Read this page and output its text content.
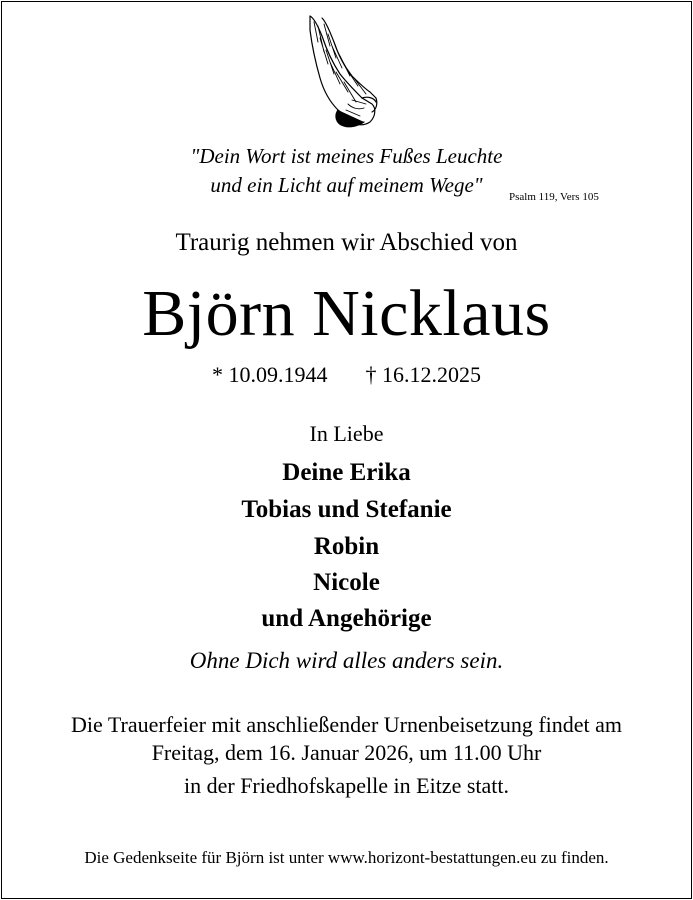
"Dein Wort ist meines Fußes Leuchte
und ein Licht auf meinem Wege"	Psalm 119, Vers 105
Traurig nehmen wir Abschied von
Björn Nicklaus
* 10.09.1944 † 16.12.2025
In Liebe
Deine Erika
Tobias und Stefanie
Robin
Nicole
und Angehörige
Ohne Dich wird alles anders sein.
Die Trauerfeier mit anschließender Urnenbeisetzung findet am
Freitag, dem 16. Januar 2026, um 11.00 Uhr
in der Friedhofskapelle in Eitze statt.
Die Gedenkseite für Björn ist unter www.horizont-bestattungen.eu zu finden.
